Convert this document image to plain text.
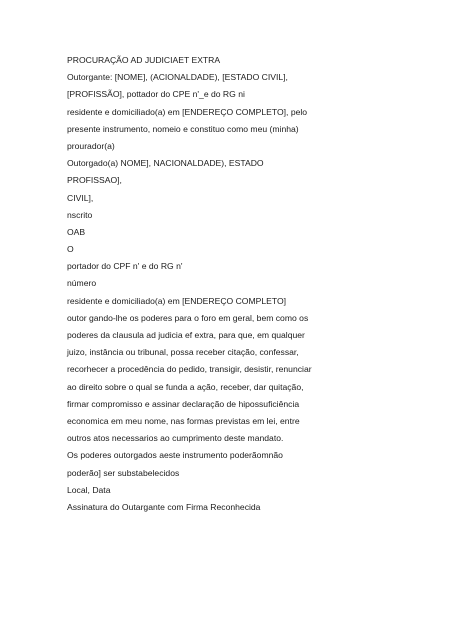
PROCURAÇÃO AD JUDICIAET EXTRA
Outorgante: [NOME], (ACIONALDADE), [ESTADO CIVIL],
[PROFISSÃO], pottador do CPE n'_e do RG ni
residente e domiciliado(a) em [ENDEREÇO COMPLETO], pelo
presente instrumento, nomeio e constituo como meu (minha)
prourador(a)
Outorgado(a) NOME], NACIONALDADE), ESTADO
PROFISSAO],
CIVIL],
nscrito
OAB
O
portador do CPF n' e do RG n'
número
residente e domiciliado(a) em [ENDEREÇO COMPLETO]
outor gando-lhe os poderes para o foro em geral, bem como os
poderes da clausula ad judicia ef extra, para que, em qualquer
juizo, instância ou tribunal, possa receber citação, confessar,
recorhecer a procedência do pedido, transigir, desistir, renunciar
ao direito sobre o qual se funda a ação, receber, dar quitação,
firmar compromisso e assinar declaração de hipossuficiência
economica em meu nome, nas formas previstas em lei, entre
outros atos necessarios ao cumprimento deste mandato.
Os poderes outorgados aeste instrumento poderãomnão
poderão] ser substabelecidos
Local, Data
Assinatura do Outargante com Firma Reconhecida
